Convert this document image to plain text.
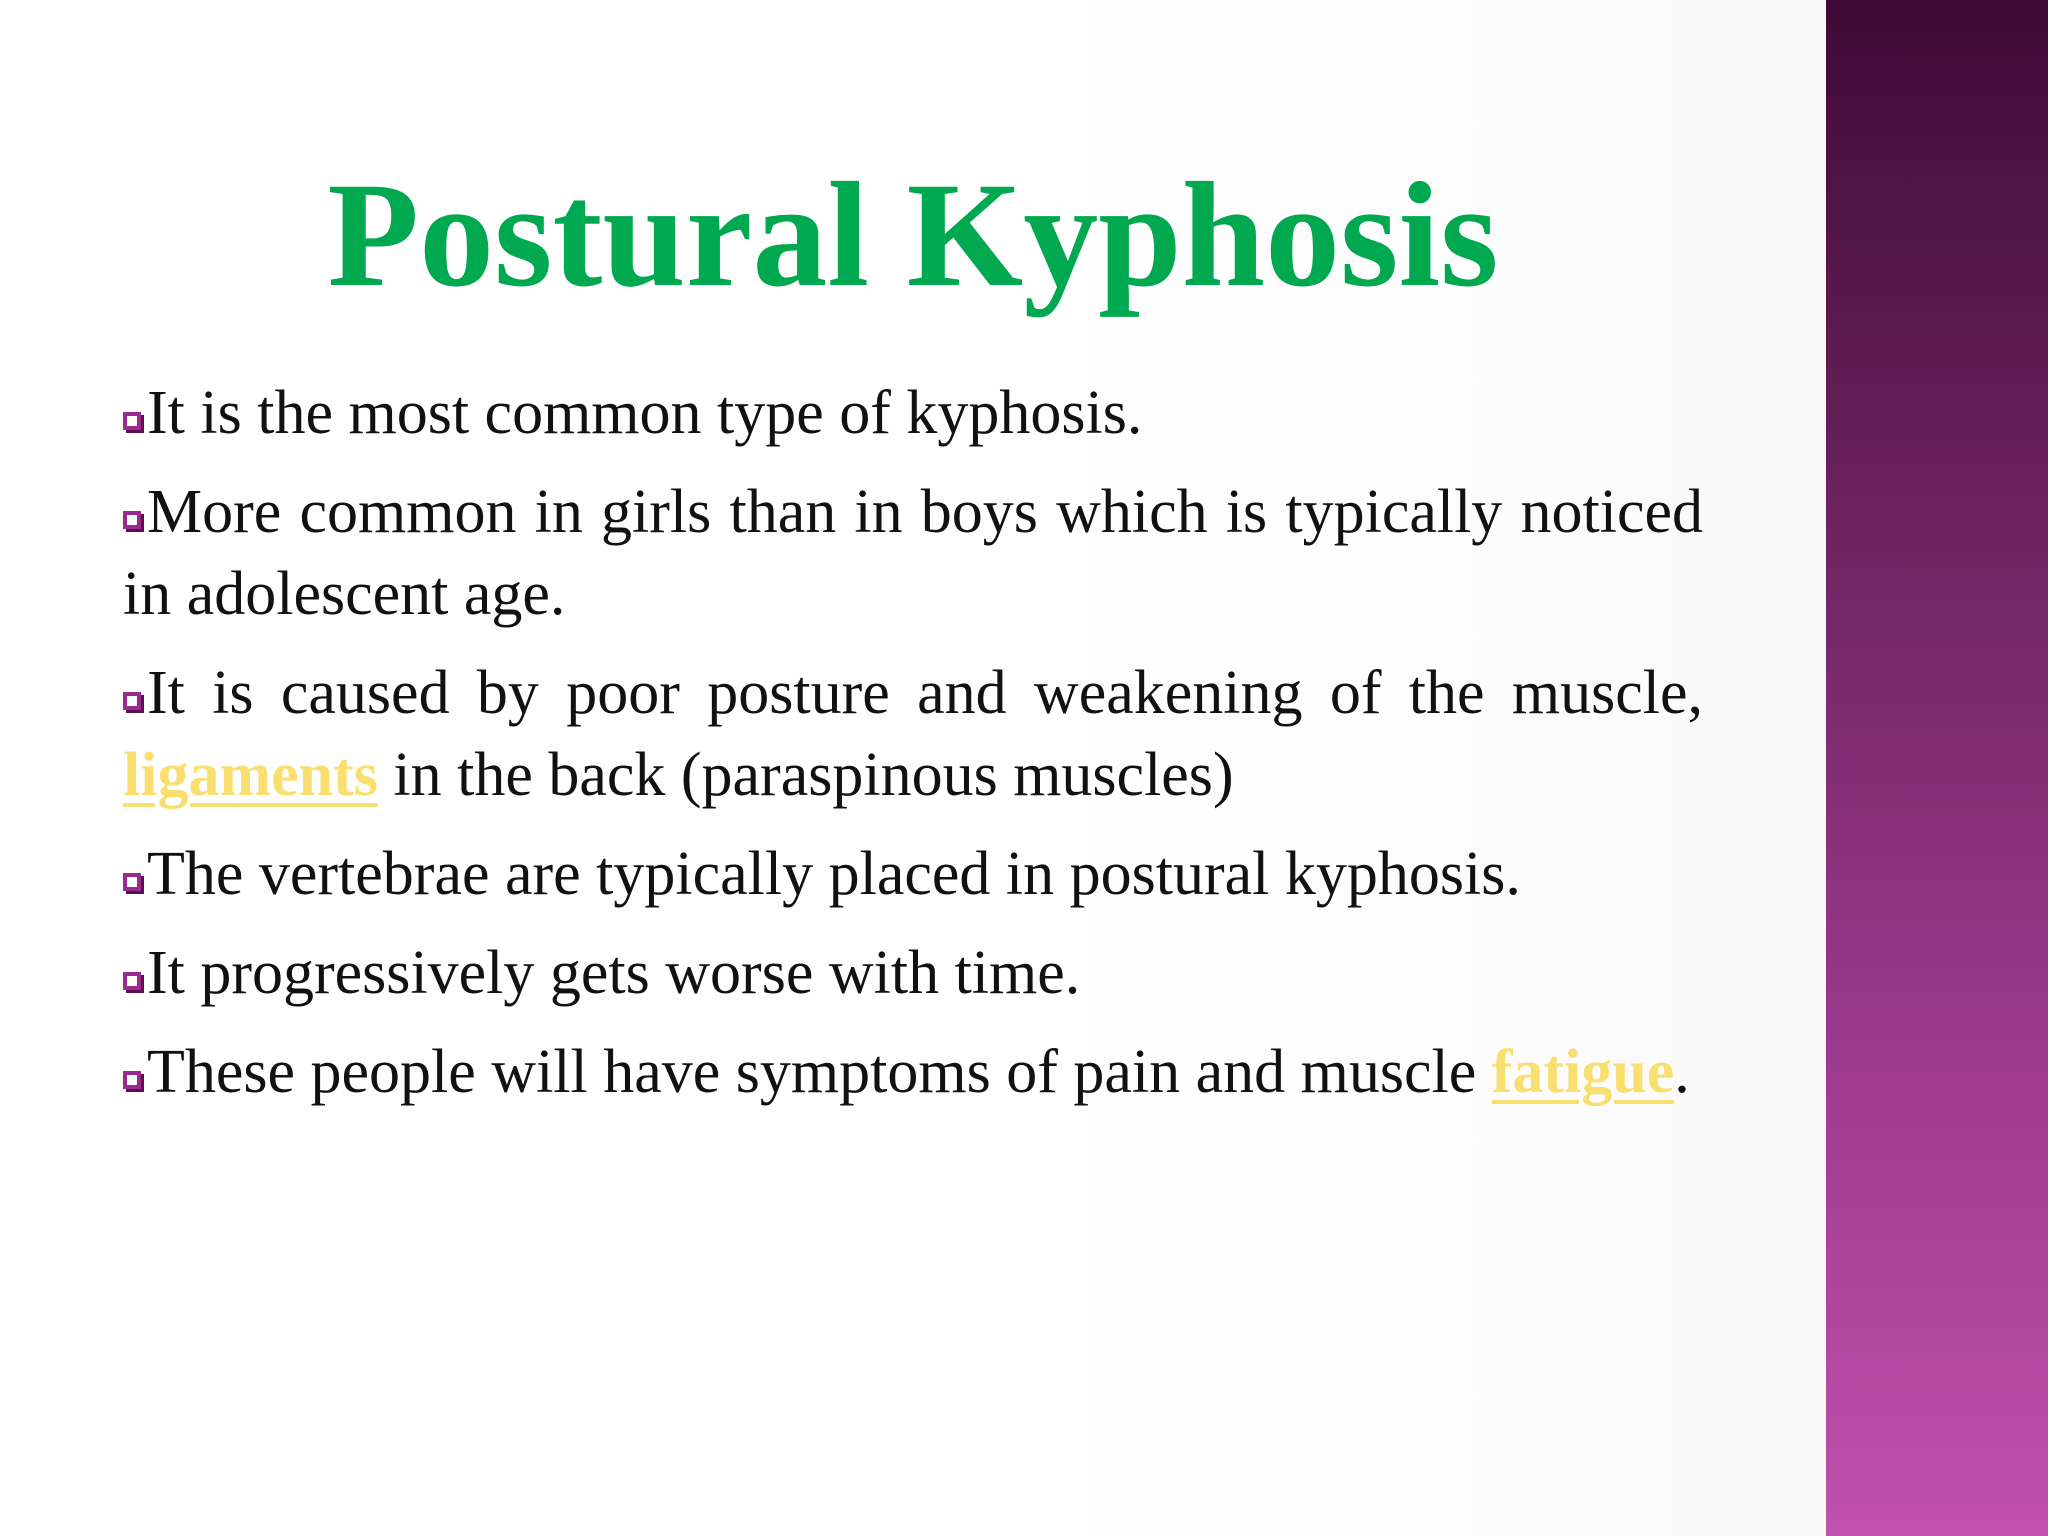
Postural Kyphosis

It is the most common type of kyphosis.

More common in girls than in boys which is typically noticed in adolescent age.

It is caused by poor posture and weakening of the muscle, ligaments in the back (paraspinous muscles)

The vertebrae are typically placed in postural kyphosis.

It progressively gets worse with time.

These people will have symptoms of pain and muscle fatigue.
